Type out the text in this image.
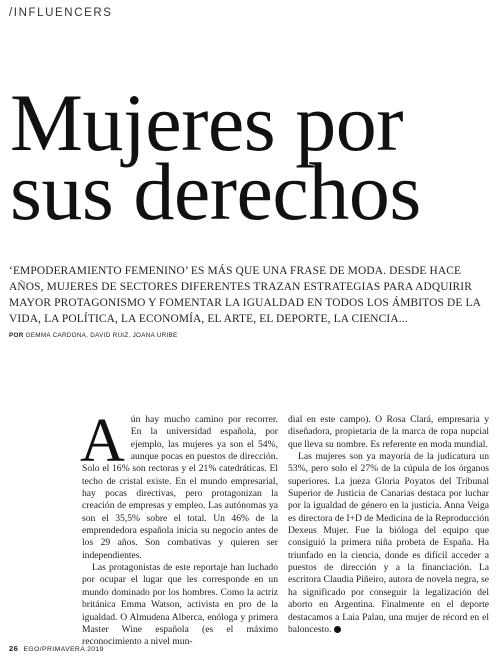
/INFLUENCERS
Mujeres por
sus derechos

‘EMPODERAMIENTO FEMENINO’ ES MÁS QUE UNA FRASE DE MODA. DESDE HACE AÑOS, MUJERES DE SECTORES DIFERENTES TRAZAN ESTRATEGIAS PARA ADQUIRIR MAYOR PROTAGONISMO Y FOMENTAR LA IGUALDAD EN TODOS LOS ÁMBITOS DE LA VIDA, LA POLÍTICA, LA ECONOMÍA, EL ARTE, EL DEPORTE, LA CIENCIA...

POR GEMMA CARDONA, DAVID RUIZ, JOANA URIBE

Aún hay mucho camino por recorrer. En la universidad española, por ejemplo, las mujeres ya son el 54%, aunque pocas en puestos de dirección. Solo el 16% son rectoras y el 21% catedráticas. El techo de cristal existe. En el mundo empresarial, hay pocas directivas, pero protagonizan la creación de empresas y empleo. Las autónomas ya son el 35,5% sobre el total. Un 46% de la emprendedora española inicia su negocio antes de los 29 años. Son combativas y quieren ser independientes.

Las protagonistas de este reportaje han luchado por ocupar el lugar que les corresponde en un mundo dominado por los hombres. Como la actriz británica Emma Watson, activista en pro de la igualdad. O Almudena Alberca, enóloga y primera Master Wine española (es el máximo reconocimiento a nivel mun-

dial en este campo). O Rosa Clará, empresaria y diseñadora, propietaria de la marca de ropa nupcial que lleva su nombre. Es referente en moda mundial.

Las mujeres son ya mayoría de la judicatura un 53%, pero solo el 27% de la cúpula de los órganos superiores. La jueza Gloria Poyatos del Tribunal Superior de Justicia de Canarias destaca por luchar por la igualdad de género en la justicia. Anna Veiga es directora de I+D de Medicina de la Reproducción Dexeus Mujer. Fue la bióloga del equipo que consiguió la primera niña probeta de España. Ha triunfado en la ciencia, donde es difícil acceder a puestos de dirección y a la financiación. La escritora Claudia Piñeiro, autora de novela negra, se ha significado por conseguir la legalización del aborto en Argentina. Finalmente en el deporte destacamos a Laia Palau, una mujer de récord en el baloncesto.

26 EGO/PRIMAVERA 2019
